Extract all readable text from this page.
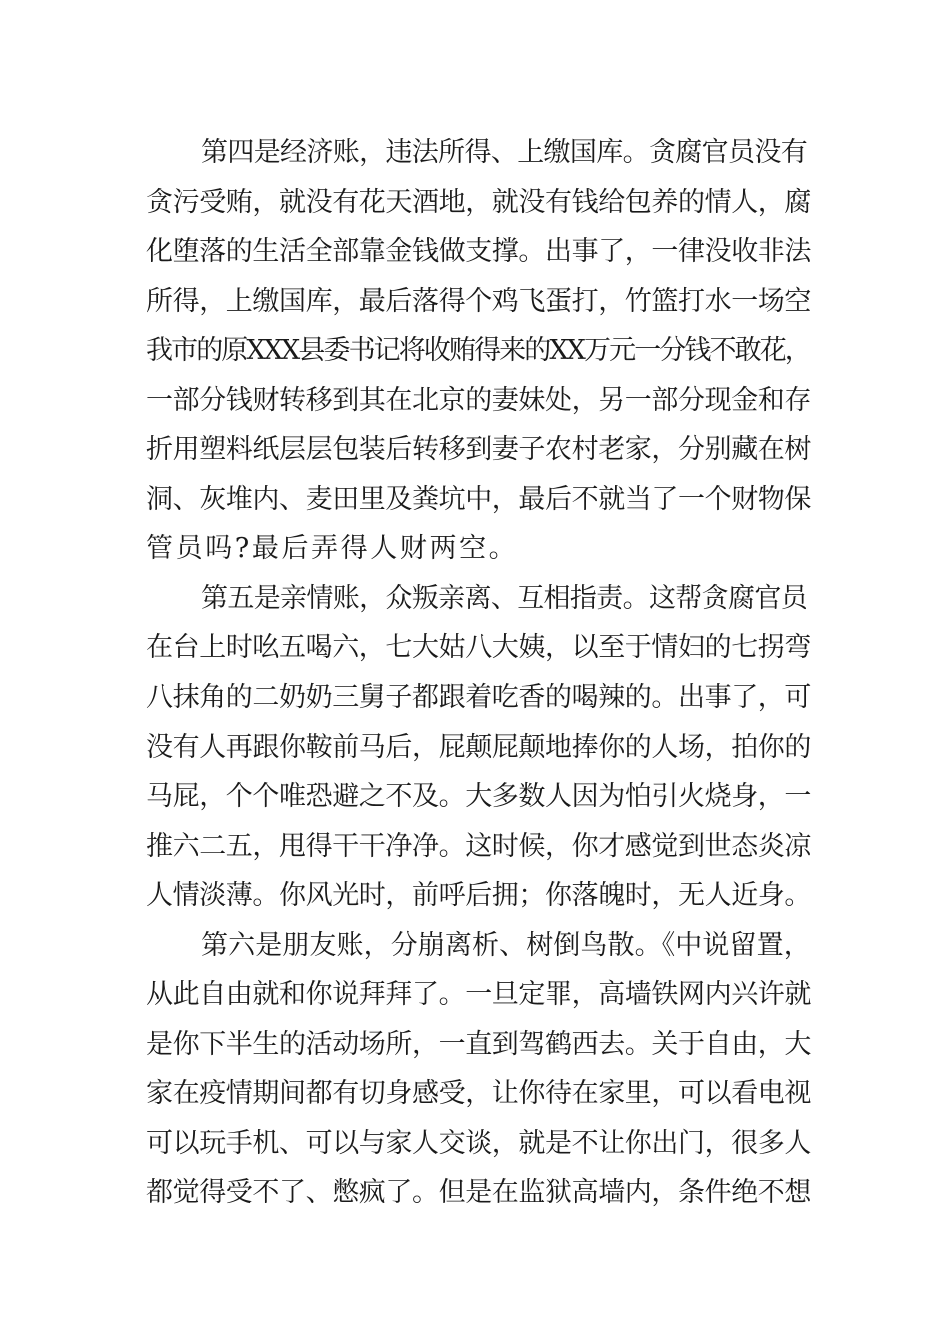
第四是经济账，违法所得、上缴国库。贪腐官员没有
贪污受贿，就没有花天酒地，就没有钱给包养的情人，腐
化堕落的生活全部靠金钱做支撑。出事了，一律没收非法
所得，上缴国库，最后落得个鸡飞蛋打，竹篮打水一场空
我市的原XXX县委书记将收贿得来的XX万元一分钱不敢花，
一部分钱财转移到其在北京的妻妹处，另一部分现金和存
折用塑料纸层层包装后转移到妻子农村老家，分别藏在树
洞、灰堆内、麦田里及粪坑中，最后不就当了一个财物保
管员吗?最后弄得人财两空。
第五是亲情账，众叛亲离、互相指责。这帮贪腐官员
在台上时吆五喝六，七大姑八大姨，以至于情妇的七拐弯
八抹角的二奶奶三舅子都跟着吃香的喝辣的。出事了，可
没有人再跟你鞍前马后，屁颠屁颠地捧你的人场，拍你的
马屁，个个唯恐避之不及。大多数人因为怕引火烧身，一
推六二五，甩得干干净净。这时候，你才感觉到世态炎凉
人情淡薄。你风光时，前呼后拥；你落魄时，无人近身。
第六是朋友账，分崩离析、树倒鸟散。《中说留置，
从此自由就和你说拜拜了。一旦定罪，高墙铁网内兴许就
是你下半生的活动场所，一直到驾鹤西去。关于自由，大
家在疫情期间都有切身感受，让你待在家里，可以看电视
可以玩手机、可以与家人交谈，就是不让你出门，很多人
都觉得受不了、憋疯了。但是在监狱高墙内，条件绝不想
